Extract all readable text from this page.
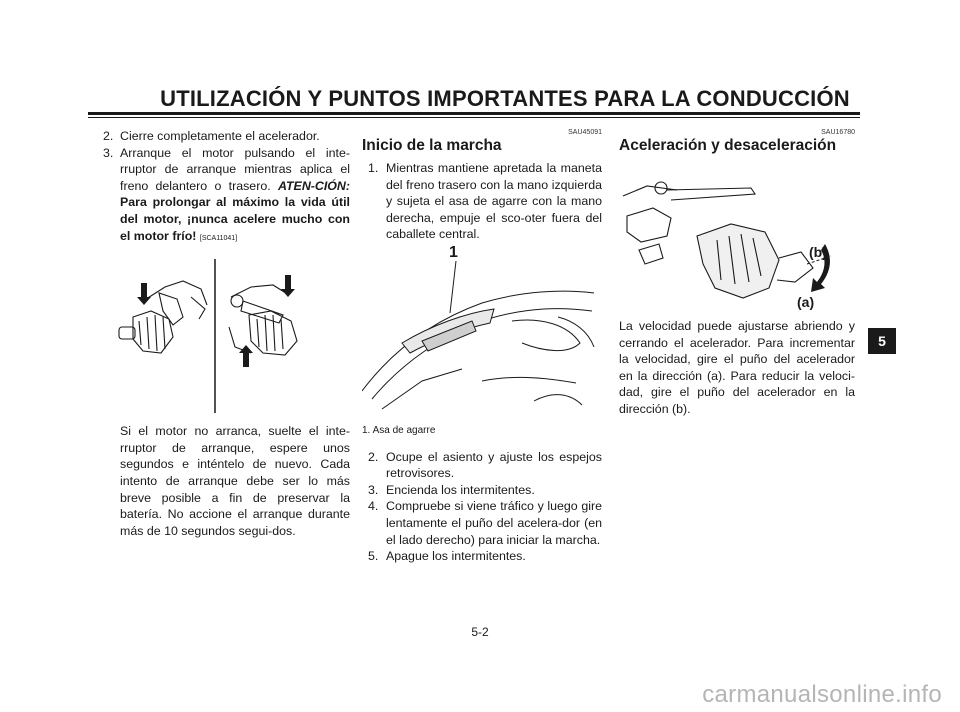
UTILIZACIÓN Y PUNTOS IMPORTANTES PARA LA CONDUCCIÓN
2. Cierre completamente el acelerador.
3. Arranque el motor pulsando el inte-rruptor de arranque mientras aplica el freno delantero o trasero. ATEN-CIÓN: Para prolongar al máximo la vida útil del motor, ¡nunca acelere mucho con el motor frío! [SCA11041]
Si el motor no arranca, suelte el inte-rruptor de arranque, espere unos segundos e inténtelo de nuevo. Cada intento de arranque debe ser lo más breve posible a fin de preservar la batería. No accione el arranque durante más de 10 segundos segui-dos.
SAU45091
Inicio de la marcha
1. Mientras mantiene apretada la maneta del freno trasero con la mano izquierda y sujeta el asa de agarre con la mano derecha, empuje el sco-oter fuera del caballete central.
1
1. Asa de agarre
2. Ocupe el asiento y ajuste los espejos retrovisores.
3. Encienda los intermitentes.
4. Compruebe si viene tráfico y luego gire lentamente el puño del acelera-dor (en el lado derecho) para iniciar la marcha.
5. Apague los intermitentes.
SAU16780
Aceleración y desaceleración
(b)
(a)
La velocidad puede ajustarse abriendo y cerrando el acelerador. Para incrementar la velocidad, gire el puño del acelerador en la dirección (a). Para reducir la veloci-dad, gire el puño del acelerador en la dirección (b).
5
5-2
carmanualsonline.info
